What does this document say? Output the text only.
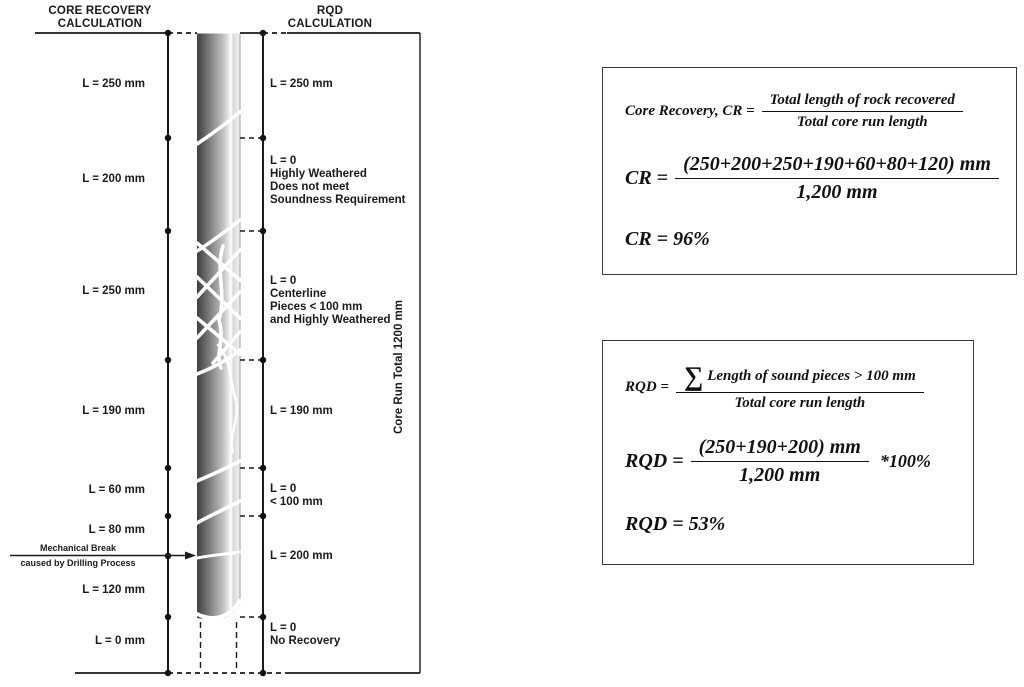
CORE RECOVERY
CALCULATION
RQD
CALCULATION
L = 250 mm
L = 200 mm
L = 250 mm
L = 190 mm
L = 60 mm
L = 80 mm
L = 120 mm
L = 0 mm
Mechanical Break
caused by Drilling Process
L = 250 mm
L = 0
Highly Weathered
Does not meet
Soundness Requirement
L = 0
Centerline
Pieces < 100 mm
and Highly Weathered
L = 190 mm
L = 0
< 100 mm
L = 200 mm
L = 0
No Recovery
Core Run Total 1200 mm
Core Recovery, CR = $\frac{\text{Total length of rock recovered}}{\text{Total core run length}}$
CR = $\frac{(250+200+250+190+60+80+120) mm}{1,200 mm}$
CR = 96%
RQD = $\frac{\text{∑ Length of sound pieces > 100 mm}}{\text{Total core run length}}$
RQD = $\frac{(250+190+200) mm}{1,200 mm} *100\%$
RQD = 53%
